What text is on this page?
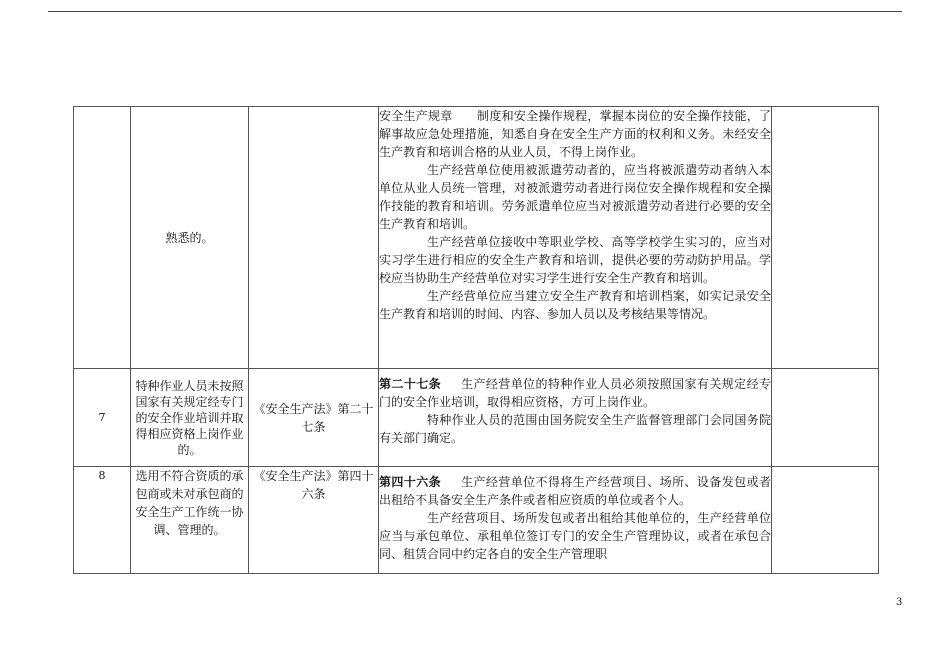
	熟悉的。		安全生产规章　　制度和安全操作规程，掌握本岗位的安全操作技能，了解事故应急处理措施，知悉自身在安全生产方面的权利和义务。未经安全生产教育和培训合格的从业人员，不得上岗作业。

生产经营单位使用被派遣劳动者的，应当将被派遣劳动者纳入本单位从业人员统一管理，对被派遣劳动者进行岗位安全操作规程和安全操作技能的教育和培训。劳务派遣单位应当对被派遣劳动者进行必要的安全生产教育和培训。

生产经营单位接收中等职业学校、高等学校学生实习的，应当对实习学生进行相应的安全生产教育和培训，提供必要的劳动防护用品。学校应当协助生产经营单位对实习学生进行安全生产教育和培训。

生产经营单位应当建立安全生产教育和培训档案，如实记录安全生产教育和培训的时间、内容、参加人员以及考核结果等情况。	

7	特种作业人员未按照国家有关规定经专门的安全作业培训并取得相应资格上岗作业的。	《安全生产法》第二十七条	第二十七条 生产经营单位的特种作业人员必须按照国家有关规定经专门的安全作业培训，取得相应资格，方可上岗作业。

特种作业人员的范围由国务院安全生产监督管理部门会同国务院有关部门确定。	

8	选用不符合资质的承包商或未对承包商的安全生产工作统一协调、管理的。	《安全生产法》第四十六条	第四十六条 生产经营单位不得将生产经营项目、场所、设备发包或者出租给不具备安全生产条件或者相应资质的单位或者个人。

生产经营项目、场所发包或者出租给其他单位的，生产经营单位应当与承包单位、承租单位签订专门的安全生产管理协议，或者在承包合同、租赁合同中约定各自的安全生产管理职	

3
